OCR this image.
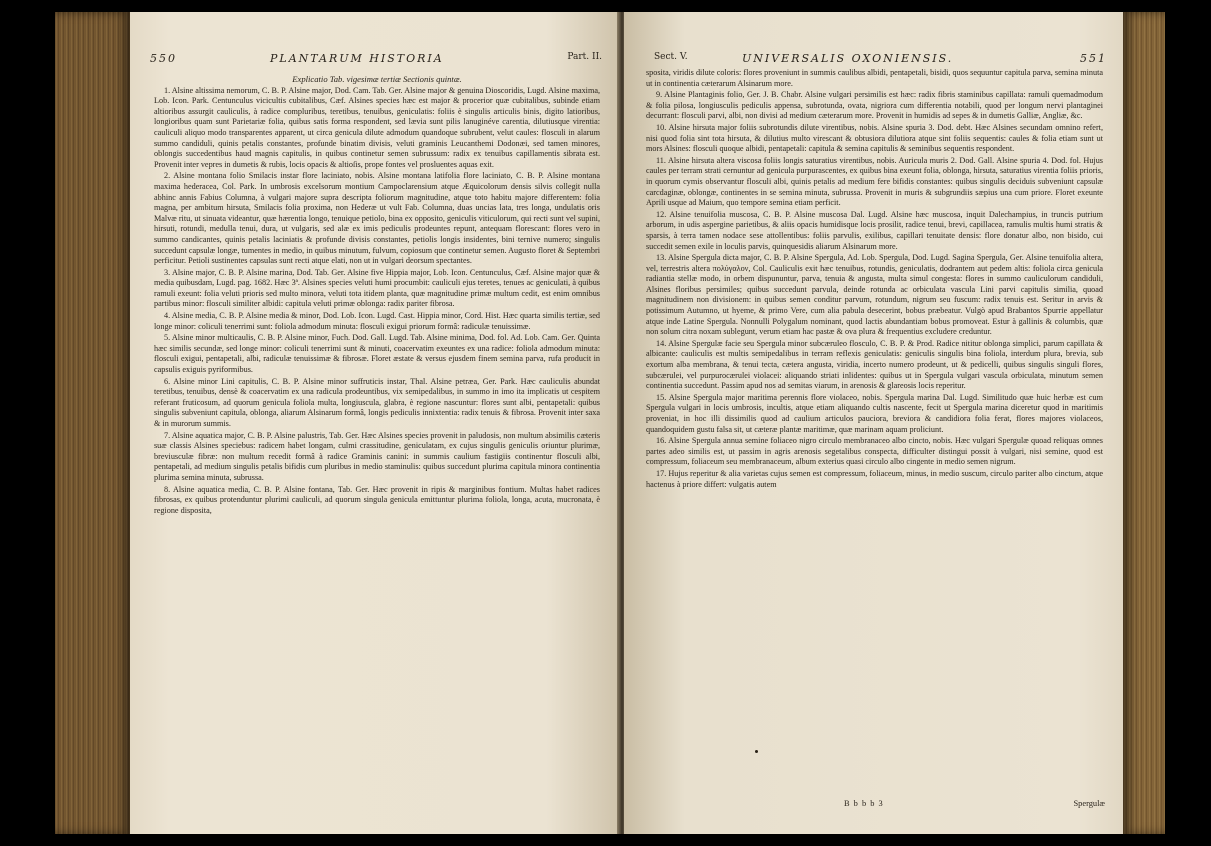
550	PLANTARUM HISTORIA	Part. II.

Explicatio Tab. vigesimæ tertiæ Sectionis quintæ.

1. Alsine altissima nemorum, C. B. P. Alsine major, Dod. Cam. Tab. Ger. Alsine major & genuina Dioscoridis, Lugd. Alsine maxima, Lob. Icon. Park. Centunculus vicicultis cubitalibus, Cæf. Alsines species hæc est major & procerior quæ cubitalibus, subinde etiam altioribus assurgit cauliculis, à radice compluribus, teretibus, tenuibus, geniculatis: foliis è singulis articulis binis, digito latioribus, longioribus quam sunt Parietariæ folia, quibus satis forma respondent, sed lævia sunt pilis lanuginéve carentia, dilutiusque virentia: cauliculi aliquo modo transparentes apparent, ut circa genicula dilute admodum quandoque subrubent, velut caules: flosculi in alarum summo candiduli, quinis petalis constantes, profunde binatim divisis, veluti graminis Leucanthemi Dodonæi, sed tamen minores, oblongis succedentibus haud magnis capitulis, in quibus continetur semen subrussum: radix ex tenuibus capillamentis sibrata est. Provenit inter vepres in dumetis & rubis, locis opacis & altioſis, prope fontes vel prosluentes aquas exit.

2. Alsine montana folio Smilacis instar flore laciniato, nobis. Alsine montana latifolia flore laciniato, C. B. P. Alsine montana maxima hederacea, Col. Park. In umbrosis excelsorum montium Campoclarensium atque Æquicolorum densis silvis collegit nulla abhinc annis Fabius Columna, à vulgari majore supra descripta foliorum magnitudine, atque toto habitu majore differentem: folia magna, per ambitum hirsuta, Smilacis folia proxima, non Hederæ ut vult Fab. Columna, duas uncias lata, tres longa, undulatis oris Malvæ ritu, ut sinuata videantur, quæ hærentia longo, tenuique petiolo, bina ex opposito, geniculis viticulorum, qui recti sunt vel supini, hirsuti, rotundi, medulla tenui, dura, ut vulgaris, sed alæ ex imis pediculis prodeuntes repunt, antequam florescant: flores vero in summo candicantes, quinis petalis laciniatis & profunde divisis constantes, petiolis longis insidentes, bini ternive numero; singulis succedunt capsulæ longæ, tumentes in medio, in quibus minutum, fulvum, copiosum que continetur semen. Augusto floret & Septembri perficitur. Petioli sustinentes capsulas sunt recti atque elati, non ut in vulgari deorsum spectantes.

3. Alsine major, C. B. P. Alsine marina, Dod. Tab. Ger. Alsine five Hippia major, Lob. Icon. Centunculus, Cæf. Alsine major quæ & media quibusdam, Lugd. pag. 1682. Hæc 3ª. Alsines species veluti humi procumbit: cauliculi ejus teretes, tenues ac geniculati, à quibus ramuli exeunt: folia veluti prioris sed multo minora, veluti tota itidem planta, quæ magnitudine primæ multum cedit, est enim omnibus partibus minor: flosculi similiter albidi: capitula veluti primæ oblonga: radix pariter fibrosa.

4. Alsine media, C. B. P. Alsine media & minor, Dod. Lob. Icon. Lugd. Cast. Hippia minor, Cord. Hist. Hæc quarta similis tertiæ, sed longe minor: coliculi tenerrimi sunt: foliola admodum minuta: flosculi exigui priorum formâ: radiculæ tenuissimæ.

5. Alsine minor multicaulis, C. B. P. Alsine minor, Fuch. Dod. Gall. Lugd. Tab. Alsine minima, Dod. fol. Ad. Lob. Cam. Ger. Quinta hæc similis secundæ, sed longe minor: coliculi tenerrimi sunt & minuti, coacervatim exeuntes ex una radice: foliola admodum minuta: flosculi exigui, pentapetali, albi, radiculæ tenuissimæ & fibrosæ. Floret æstate & versus ejusdem finem semina parva, rufa producit in capsulis exiguis pyriformibus.

6. Alsine minor Lini capitulis, C. B. P. Alsine minor suffruticis instar, Thal. Alsine petræa, Ger. Park. Hæc cauliculis abundat teretibus, tenuibus, densè & coacervatim ex una radicula prodeuntibus, vix semipedalibus, in summo in imo ita implicatis ut cespitem referant fruticosum, ad quorum genicula foliola multa, longiuscula, glabra, è regione nascuntur: flores sunt albi, pentapetali: quibus singulis subveniunt capitula, oblonga, aliarum Alsinarum formâ, longis pediculis innixtentia: radix tenuis & fibrosa. Provenit inter saxa & in murorum summis.

7. Alsine aquatica major, C. B. P. Alsine palustris, Tab. Ger. Hæc Alsines species provenit in paludosis, non multum absimilis cæteris suæ classis Alsines speciebus: radicem habet longam, culmi crassitudine, geniculatam, ex cujus singulis geniculis oriuntur plurimæ, breviusculæ fibræ: non multum recedit formâ à radice Graminis canini: in summis caulium fastigiis continentur flosculi albi, pentapetali, ad medium singulis petalis bifidis cum pluribus in medio staminulis: quibus succedunt plurima capitula minora continentia plurima semina minuta, subrussa.

8. Alsine aquatica media, C. B. P. Alsine fontana, Tab. Ger. Hæc provenit in ripis & marginibus fontium. Multas habet radices fibrosas, ex quibus protenduntur plurimi cauliculi, ad quorum singula genicula emittuntur plurima foliola, longa, acuta, mucronata, è regione disposita,

Sect. V.	UNIVERSALIS OXONIENSIS.	551

sposita, viridis dilute coloris: flores proveniunt in summis caulibus albidi, pentapetali, bisidi, quos sequuntur capitula parva, semina minuta ut in continentia cæterarum Alsinarum more.

9. Alsine Plantaginis folio, Ger. J. B. Chabr. Alsine vulgari persimilis est hæc: radix fibris staminibus capillata: ramuli quemadmodum & folia pilosa, longiusculis pediculis appensa, subrotunda, ovata, nigriora cum differentia notabili, quod per longum nervi plantaginei decurrant: flosculi parvi, albi, non divisi ad medium cæterarum more. Provenit in humidis ad sepes & in dumetis Galliæ, Angliæ, &c.

10. Alsine hirsuta major foliis subrotundis dilute virentibus, nobis. Alsine spuria 3. Dod. debt. Hæc Alsines secundam omnino refert, nisi quod folia sint tota hirsuta, & dilutius multo virescant & obtusiora dilutiora atque sint foliis sequentis: caules & folia etiam sunt ut mors Alsines: flosculi quoque albidi, pentapetali: capitula & semina capitulis & seminibus sequentis respondent.

11. Alsine hirsuta altera viscosa foliis longis saturatius virentibus, nobis. Auricula muris 2. Dod. Gall. Alsine spuria 4. Dod. fol. Hujus caules per terram strati cernuntur ad genicula purpurascentes, ex quibus bina exeunt folia, oblonga, hirsuta, saturatius virentia foliis prioris, in quorum cymis observantur flosculi albi, quinis petalis ad medium fere bifidis constantes: quibus singulis deciduis subveniunt capsulæ carcdaginæ, oblongæ, continentes in se semina minuta, subrussa. Provenit in muris & subgrundiis sæpius una cum priore. Floret exeunte Aprili usque ad Maium, quo tempore semina etiam perficit.

12. Alsine tenuifolia muscosa, C. B. P. Alsine muscosa Dal. Lugd. Alsine hæc muscosa, inquit Dalechampius, in truncis putrium arborum, in udis aspergine parietibus, & aliis opacis humidisque locis prosilit, radice tenui, brevi, capillacea, ramulis multis humi stratis & sparsis, à terra tamen nodace sese attollentibus: foliis parvulis, exilibus, capillari tenuitate densis: flore donatur albo, non bisido, cui succedit semen exile in loculis parvis, quinquesidis aliarum Alsinarum more.

13. Alsine Spergula dicta major, C. B. P. Alsine Spergula, Ad. Lob. Spergula, Dod. Lugd. Sagina Spergula, Ger. Alsine tenuifolia altera, vel, terrestris altera πολύγαλον, Col. Cauliculis exit hæc tenuibus, rotundis, geniculatis, dodrantem aut pedem altis: foliola circa genicula radiantia stellæ modo, in orbem dispununtur, parva, tenuia & angusta, multa simul congesta: flores in summo cauliculorum candiduli, Alsines floribus persimiles; quibus succedunt parvula, deinde rotunda ac orbiculata vascula Lini parvi capitulis similia, quoad magnitudinem non divisionem: in quibus semen conditur parvum, rotundum, nigrum seu fuscum: radix tenuis est. Seritur in arvis & potissimum Autumno, ut hyeme, & primo Vere, cum alia pabula desecerint, bobus præbeatur. Vulgò apud Brabantos Spurrie appellatur atque inde Latine Spergula. Nonnulli Polygalum nominant, quod lactis abundantiam bobus promoveat. Estur à gallinis & columbis, quæ non solum citra noxam sublegunt, verum etiam hac pastæ & ova plura & frequentius excludere creduntur.

14. Alsine Spergulæ facie seu Spergula minor subcæruleo flosculo, C. B. P. & Prod. Radice nititur oblonga simplici, parum capillata & albicante: cauliculis est multis semipedalibus in terram reflexis geniculatis: geniculis singulis bina foliola, interdum plura, brevia, sub exortum alba membrana, & tenui tecta, cætera angusta, viridia, incerto numero prodeunt, ut & pedicelli, quibus singulis singuli flores, subcærulei, vel purpurocærulei violacei: aliquando striati inlidentes: quibus ut in Spergula vulgari vascula orbiculata, minutum semen continentia succedunt. Passim apud nos ad semitas viarum, in arenosis & glareosis locis reperitur.

15. Alsine Spergula major maritima perennis flore violaceo, nobis. Spergula marina Dal. Lugd. Similitudo quæ huic herbæ est cum Spergula vulgari in locis umbrosis, incultis, atque etiam aliquando cultis nascente, fecit ut Spergula marina diceretur quod in maritimis proveniat, in hoc illi dissimilis quod ad caulium articulos pauciora, breviora & candidiora folia ferat, flores majores violaceos, quandoquidem gustu falsa sit, ut cæteræ plantæ maritimæ, quæ marinam aquam proliciunt.

16. Alsine Spergula annua semine foliaceo nigro circulo membranaceo albo cincto, nobis. Hæc vulgari Spergulæ quoad reliquas omnes partes adeo similis est, ut passim in agris arenosis segetalibus conspecta, difficulter distingui possit à vulgari, nisi semine, quod est compressum, foliaceum seu membranaceum, album exterius quasi circulo albo cingente in medio semen nigrum.

17. Hujus reperitur & alia varietas cujus semen est compressum, foliaceum, minus, in medio suscum, circulo pariter albo cinctum, atque hactenus à priore differt: vulgatis autem

B b b b 3	Spergulæ
